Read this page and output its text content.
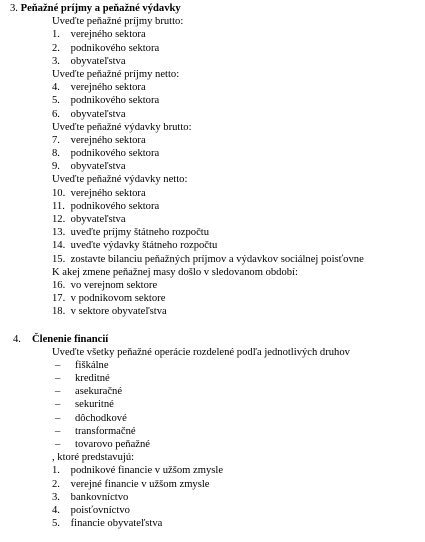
3. Peňažné príjmy a peňažné výdavky
Uveďte peňažné príjmy brutto:
1. verejného sektora
2. podnikového sektora
3. obyvateľstva
Uveďte peňažné príjmy netto:
4. verejného sektora
5. podnikového sektora
6. obyvateľstva
Uveďte peňažné výdavky brutto:
7. verejného sektora
8. podnikového sektora
9. obyvateľstva
Uveďte peňažné výdavky netto:
10. verejného sektora
11. podnikového sektora
12. obyvateľstva
13. uveďte príjmy štátneho rozpočtu
14. uveďte výdavky štátneho rozpočtu
15. zostavte bilanciu peňažných príjmov a výdavkov sociálnej poisťovne
K akej zmene peňažnej masy došlo v sledovanom období:
16. vo verejnom sektore
17. v podnikovom sektore
18. v sektore obyvateľstva
4. Členenie financií
Uveďte všetky peňažné operácie rozdelené podľa jednotlivých druhov
– fiškálne
– kreditné
– asekuračné
– sekuritné
– dôchodkové
– transformačné
– tovarovo peňažné
, ktoré predstavujú:
1. podnikové financie v užšom zmysle
2. verejné financie v užšom zmysle
3. bankovníctvo
4. poisťovníctvo
5. financie obyvateľstva
